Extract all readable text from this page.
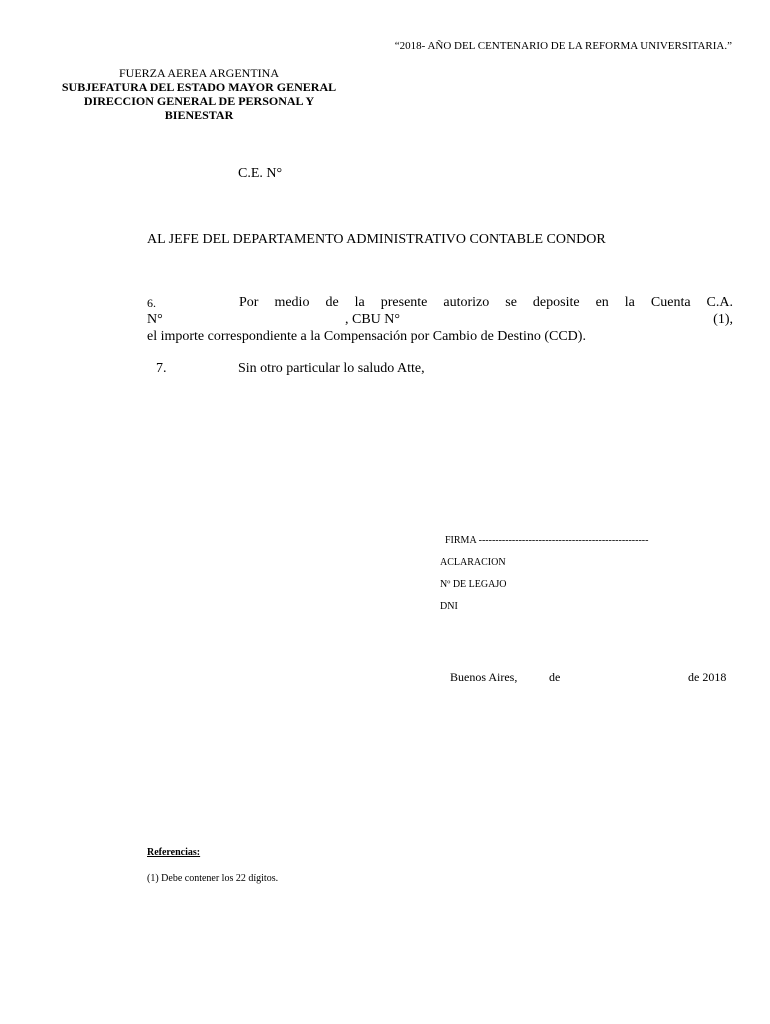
“2018- AÑO DEL CENTENARIO DE LA REFORMA UNIVERSITARIA.”
FUERZA AEREA ARGENTINA
SUBJEFATURA DEL ESTADO MAYOR GENERAL
DIRECCION GENERAL DE PERSONAL Y
BIENESTAR
C.E. N°
AL JEFE DEL DEPARTAMENTO ADMINISTRATIVO CONTABLE CONDOR
6.	Por medio de la presente autorizo se deposite en la Cuenta C.A.
N°	, CBU N°	(1),
el importe correspondiente a la Compensación por Cambio de Destino (CCD).
7.	Sin otro particular lo saludo Atte,
FIRMA ---------------------------------------------------
ACLARACION
Nº DE LEGAJO
DNI
Buenos Aires,	de	de 2018
Referencias:
(1) Debe contener los 22 dígitos.
